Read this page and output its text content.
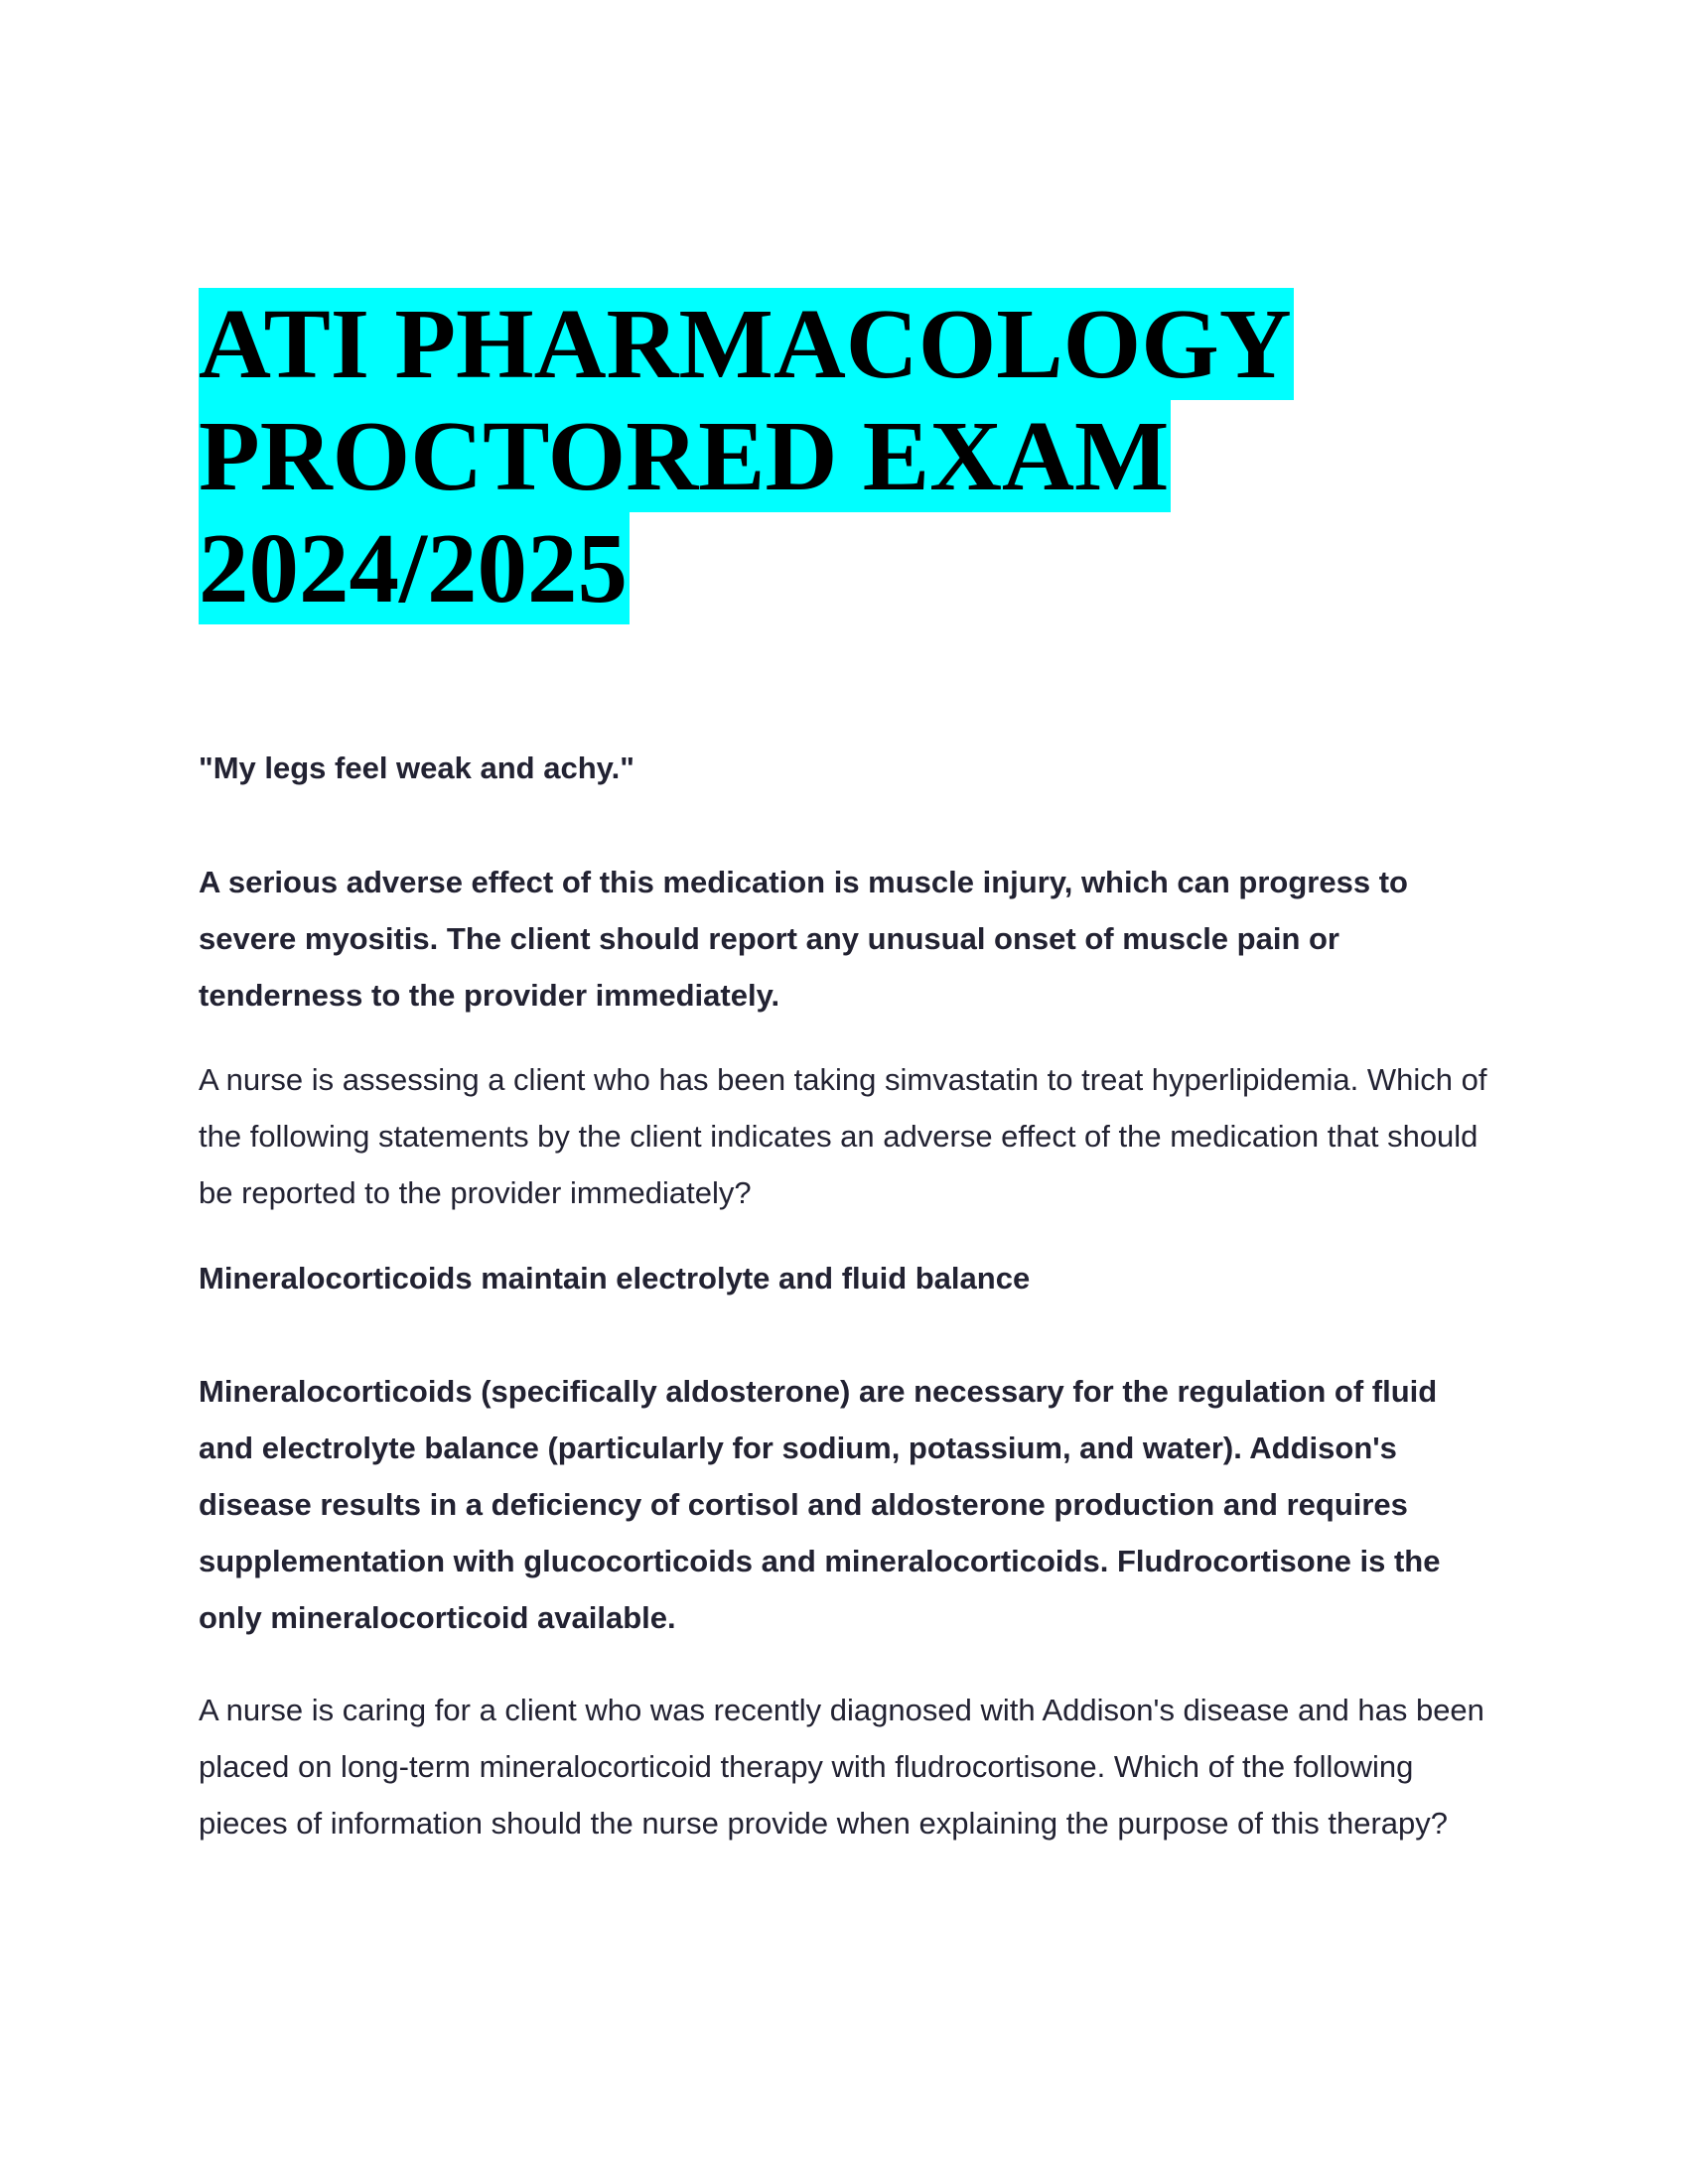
ATI PHARMACOLOGY
PROCTORED EXAM
2024/2025

"My legs feel weak and achy."

A serious adverse effect of this medication is muscle injury, which can progress to severe myositis. The client should report any unusual onset of muscle pain or tenderness to the provider immediately.

A nurse is assessing a client who has been taking simvastatin to treat hyperlipidemia. Which of the following statements by the client indicates an adverse effect of the medication that should be reported to the provider immediately?

Mineralocorticoids maintain electrolyte and fluid balance

Mineralocorticoids (specifically aldosterone) are necessary for the regulation of fluid and electrolyte balance (particularly for sodium, potassium, and water). Addison's disease results in a deficiency of cortisol and aldosterone production and requires supplementation with glucocorticoids and mineralocorticoids. Fludrocortisone is the only mineralocorticoid available.

A nurse is caring for a client who was recently diagnosed with Addison's disease and has been placed on long-term mineralocorticoid therapy with fludrocortisone. Which of the following pieces of information should the nurse provide when explaining the purpose of this therapy?
